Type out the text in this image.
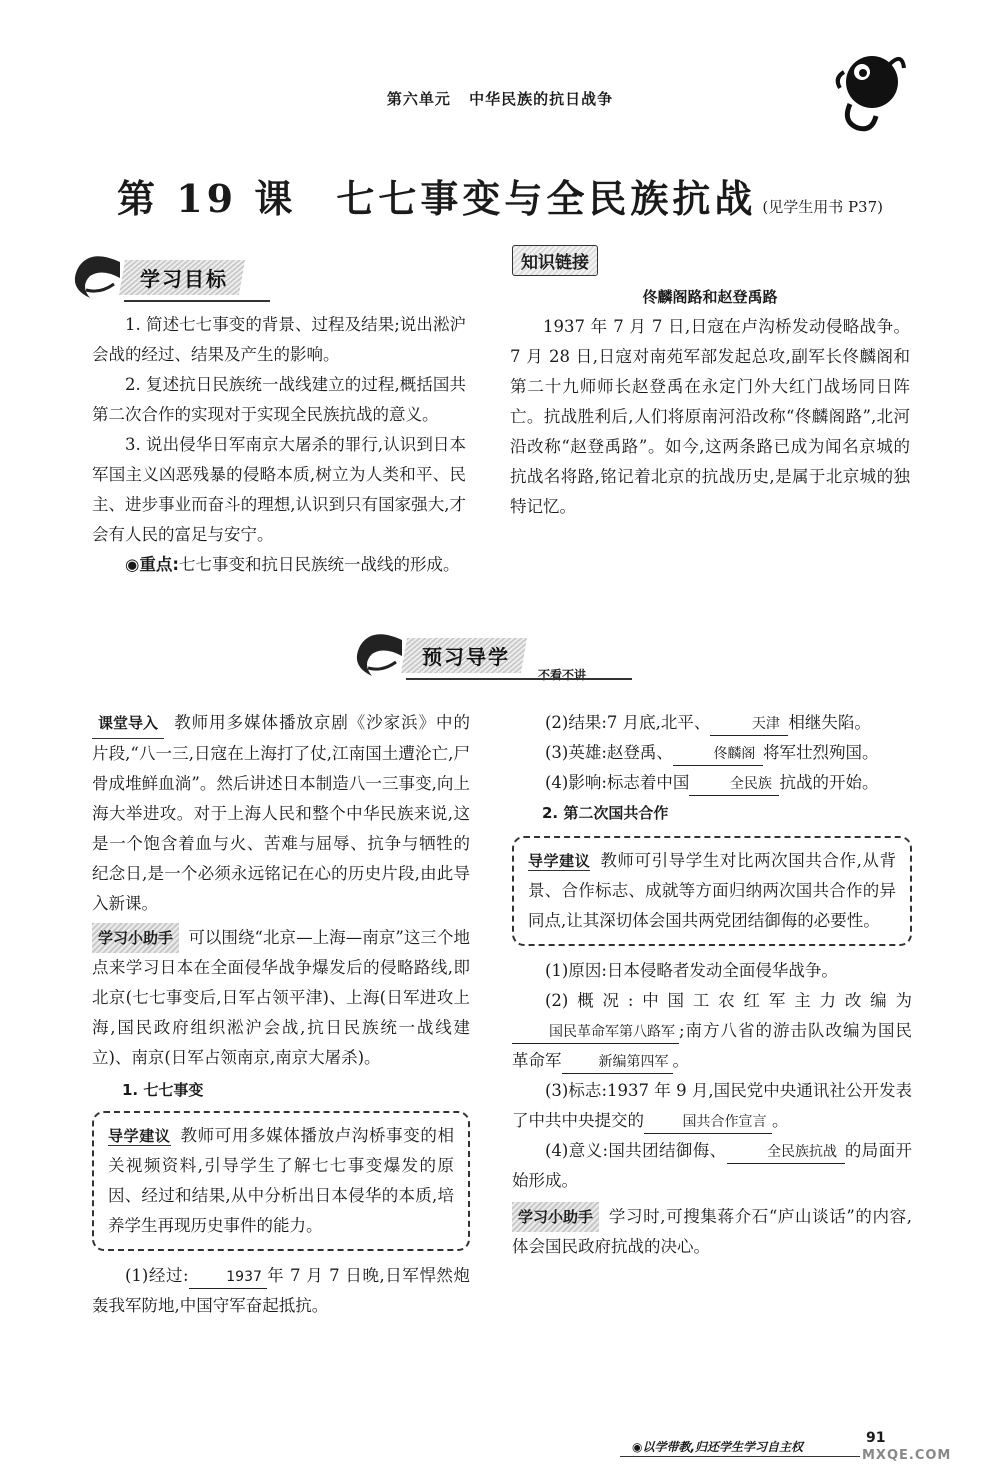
第六单元 中华民族的抗日战争
第 19 课 七七事变与全民族抗战 (见学生用书 P37)
学习目标

1. 简述七七事变的背景、过程及结果;说出淞沪会战的经过、结果及产生的影响。

2. 复述抗日民族统一战线建立的过程,概括国共第二次合作的实现对于实现全民族抗战的意义。

3. 说出侵华日军南京大屠杀的罪行,认识到日本军国主义凶恶残暴的侵略本质,树立为人类和平、民主、进步事业而奋斗的理想,认识到只有国家强大,才会有人民的富足与安宁。

◉重点:七七事变和抗日民族统一战线的形成。

知识链接
佟麟阁路和赵登禹路

1937 年 7 月 7 日,日寇在卢沟桥发动侵略战争。7 月 28 日,日寇对南苑军部发起总攻,副军长佟麟阁和第二十九师师长赵登禹在永定门外大红门战场同日阵亡。抗战胜利后,人们将原南河沿改称“佟麟阁路”,北河沿改称“赵登禹路”。如今,这两条路已成为闻名京城的抗战名将路,铭记着北京的抗战历史,是属于北京城的独特记忆。

预习导学
不看不讲

课堂导入 教师用多媒体播放京剧《沙家浜》中的片段,“八一三,日寇在上海打了仗,江南国土遭沦亡,尸骨成堆鲜血淌”。然后讲述日本制造八一三事变,向上海大举进攻。对于上海人民和整个中华民族来说,这是一个饱含着血与火、苦难与屈辱、抗争与牺牲的纪念日,是一个必须永远铭记在心的历史片段,由此导入新课。

学习小助手 可以围绕“北京—上海—南京”这三个地点来学习日本在全面侵华战争爆发后的侵略路线,即北京(七七事变后,日军占领平津)、上海(日军进攻上海,国民政府组织淞沪会战,抗日民族统一战线建立)、南京(日军占领南京,南京大屠杀)。

1. 七七事变

导学建议 教师可用多媒体播放卢沟桥事变的相关视频资料,引导学生了解七七事变爆发的原因、经过和结果,从中分析出日本侵华的本质,培养学生再现历史事件的能力。

(1)经过:	1937 年 7 月 7 日晚,日军悍然炮轰我军防地,中国守军奋起抵抗。

(2)结果:7 月底,北平、	天津 相继失陷。

(3)英雄:赵登禹、	佟麟阁 将军壮烈殉国。

(4)影响:标志着中国	全民族 抗战的开始。

2. 第二次国共合作

导学建议 教师可引导学生对比两次国共合作,从背景、合作标志、成就等方面归纳两次国共合作的异同点,让其深切体会国共两党团结御侮的必要性。

(1)原因:日本侵略者发动全面侵华战争。

(2)概况:中国工农红军主力改编为国民革命军第八路军 ;南方八省的游击队改编为国民革命军	新编第四军 。

(3)标志:1937 年 9 月,国民党中央通讯社公开发表了中共中央提交的	国共合作宣言 。

(4)意义:国共团结御侮、	全民族抗战 的局面开始形成。

学习小助手 学习时,可搜集蒋介石“庐山谈话”的内容,体会国民政府抗战的决心。

◉以学带教,归还学生学习自主权
91
MXQE.COM
